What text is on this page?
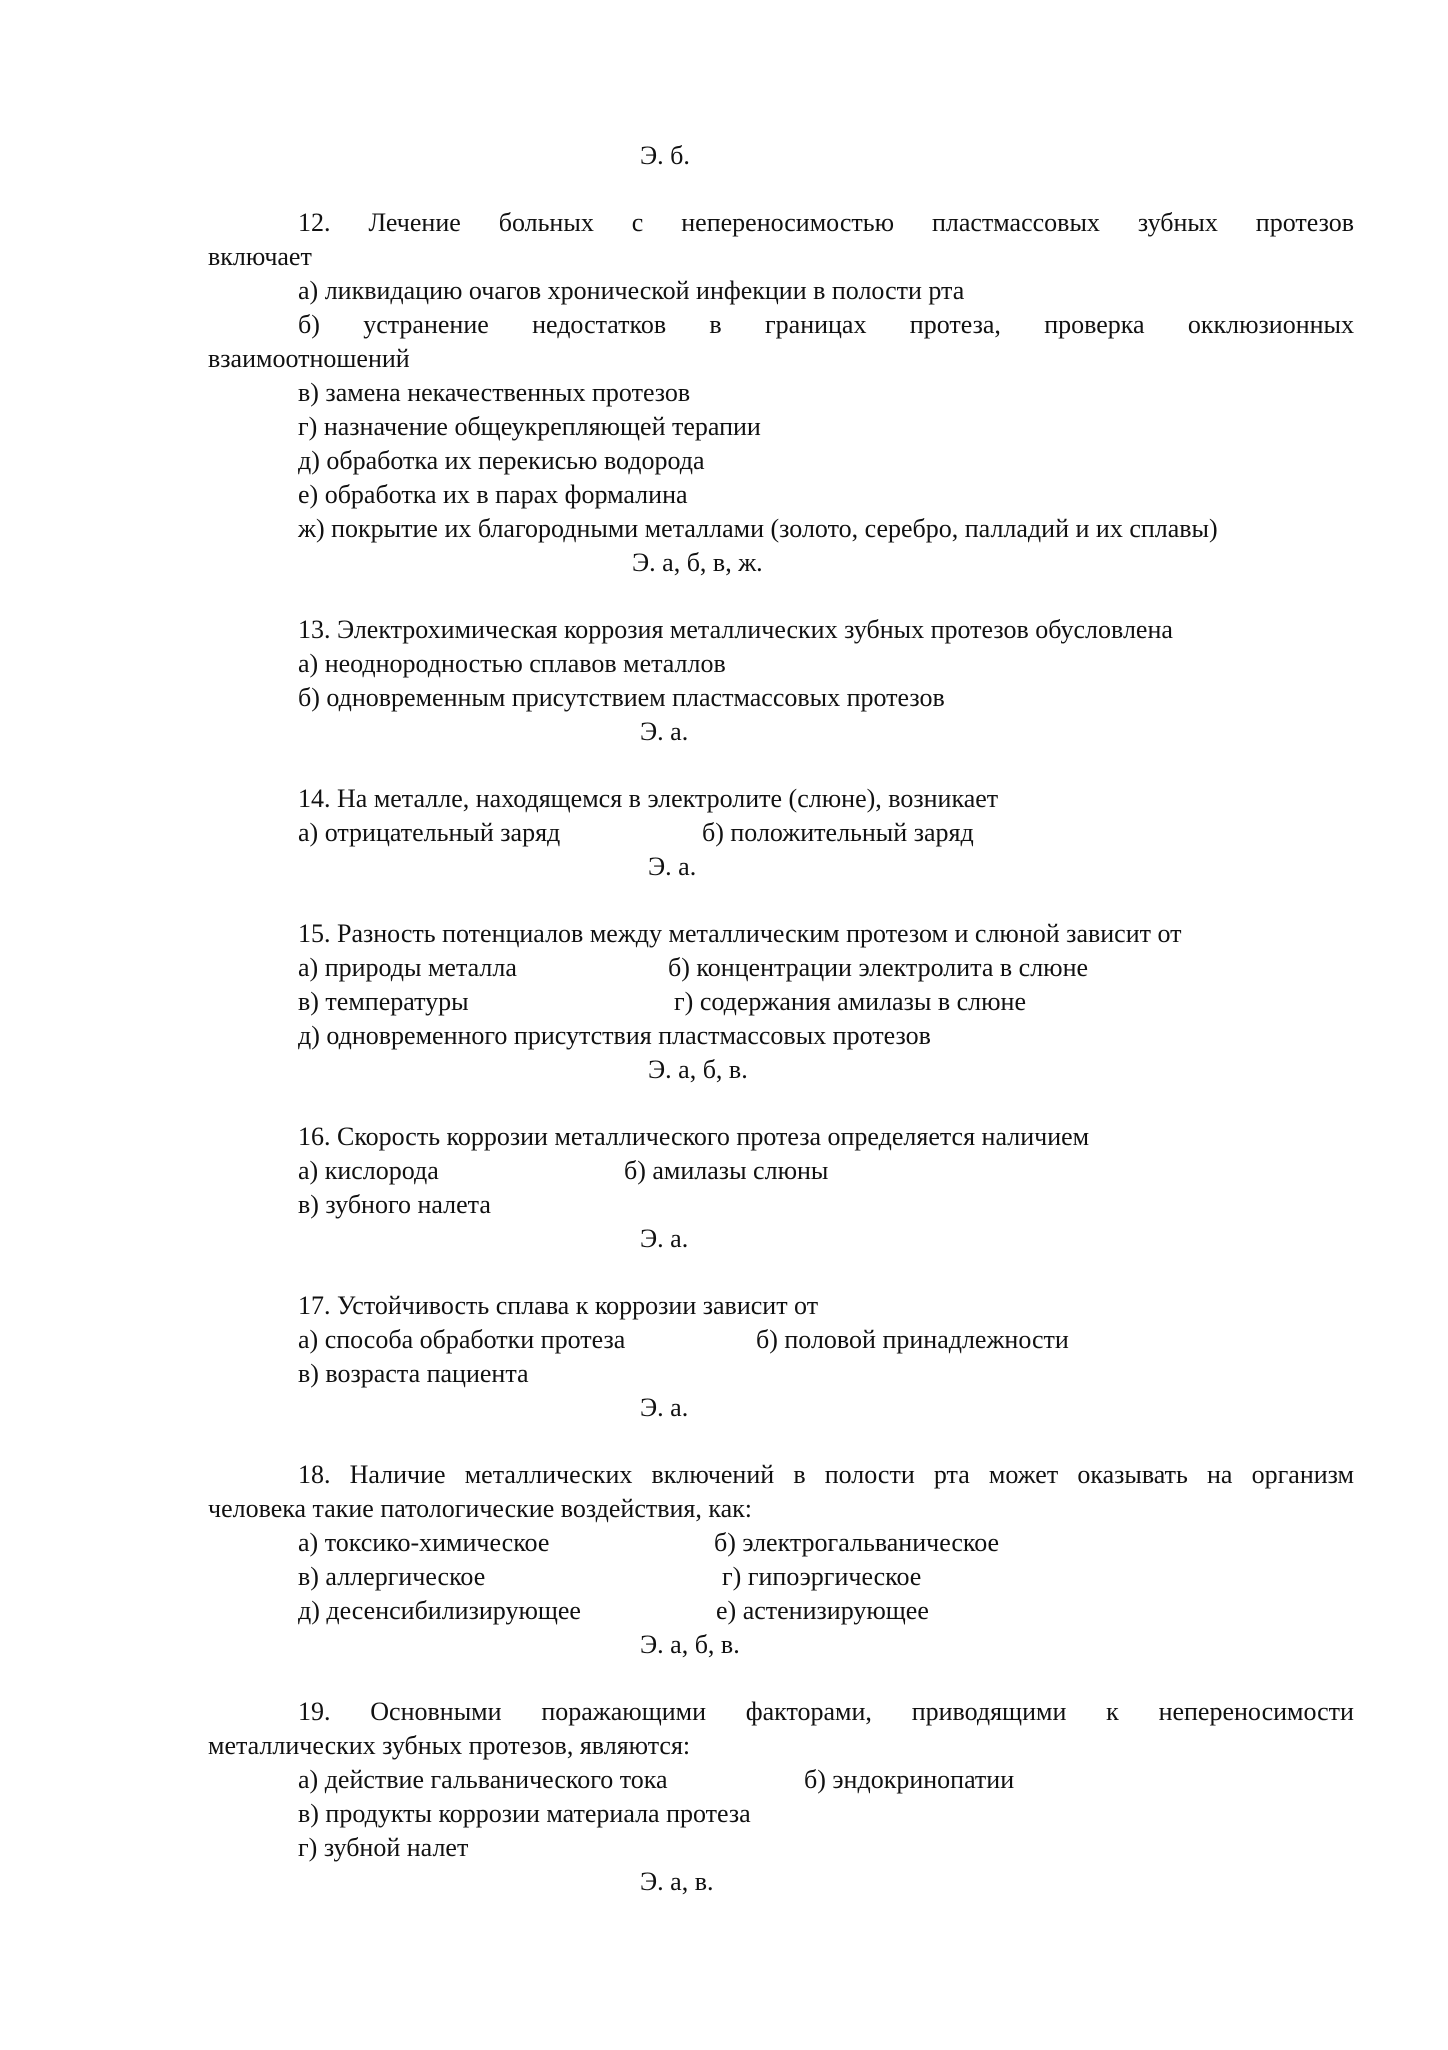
Э. б.
12. Лечение больных с непереносимостью пластмассовых зубных протезов
включает
а) ликвидацию очагов хронической инфекции в полости рта
б) устранение недостатков в границах протеза, проверка окклюзионных
взаимоотношений
в) замена некачественных протезов
г) назначение общеукрепляющей терапии
д) обработка их перекисью водорода
е) обработка их в парах формалина
ж) покрытие их благородными металлами (золото, серебро, палладий и их сплавы)
Э. а, б, в, ж.
13. Электрохимическая коррозия металлических зубных протезов обусловлена
а) неоднородностью сплавов металлов
б) одновременным присутствием пластмассовых протезов
Э. а.
14. На металле, находящемся в электролите (слюне), возникает
а) отрицательный заряд	б) положительный заряд
Э. а.
15. Разность потенциалов между металлическим протезом и слюной зависит от
а) природы металла	б) концентрации электролита в слюне
в) температуры	г) содержания амилазы в слюне
д) одновременного присутствия пластмассовых протезов
Э. а, б, в.
16. Скорость коррозии металлического протеза определяется наличием
а) кислорода	б) амилазы слюны
в) зубного налета
Э. а.
17. Устойчивость сплава к коррозии зависит от
а) способа обработки протеза	б) половой принадлежности
в) возраста пациента
Э. а.
18. Наличие металлических включений в полости рта может оказывать на организм
человека такие патологические воздействия, как:
а) токсико-химическое	б) электрогальваническое
в) аллергическое	г) гипоэргическое
д) десенсибилизирующее	е) астенизирующее
Э. а, б, в.
19. Основными поражающими факторами, приводящими к непереносимости
металлических зубных протезов, являются:
а) действие гальванического тока	б) эндокринопатии
в) продукты коррозии материала протеза
г) зубной налет
Э. а, в.
